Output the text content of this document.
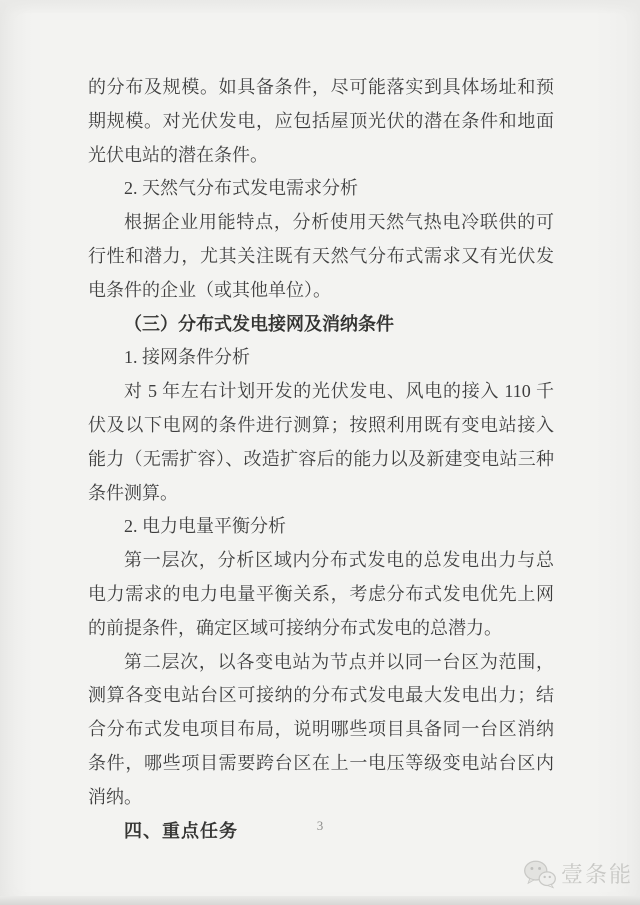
的分布及规模。如具备条件，尽可能落实到具体场址和预期规模。对光伏发电，应包括屋顶光伏的潜在条件和地面光伏电站的潜在条件。

2. 天然气分布式发电需求分析

根据企业用能特点，分析使用天然气热电冷联供的可行性和潜力，尤其关注既有天然气分布式需求又有光伏发电条件的企业（或其他单位）。

（三）分布式发电接网及消纳条件

1. 接网条件分析

对 5 年左右计划开发的光伏发电、风电的接入 110 千伏及以下电网的条件进行测算；按照利用既有变电站接入能力（无需扩容）、改造扩容后的能力以及新建变电站三种条件测算。

2. 电力电量平衡分析

第一层次，分析区域内分布式发电的总发电出力与总电力需求的电力电量平衡关系，考虑分布式发电优先上网的前提条件，确定区域可接纳分布式发电的总潜力。

第二层次，以各变电站为节点并以同一台区为范围，测算各变电站台区可接纳的分布式发电最大发电出力；结合分布式发电项目布局，说明哪些项目具备同一台区消纳条件，哪些项目需要跨台区在上一电压等级变电站台区内消纳。

四、重点任务	3
壹条能
